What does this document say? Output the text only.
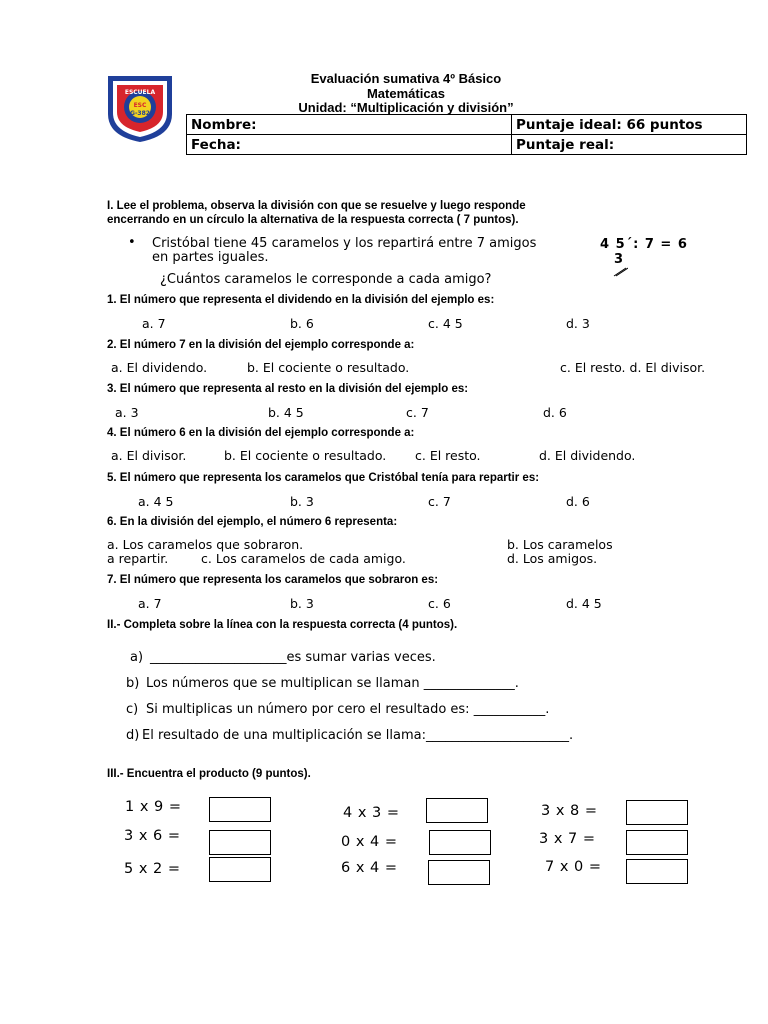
ESCUELA
ESC
G-382
Evaluación sumativa 4º Básico
Matemáticas
Unidad: “Multiplicación y división”
Nombre:	Puntaje ideal: 66 puntos
Fecha:	Puntaje real:
I. Lee el problema, observa la división con que se resuelve y luego responde
encerrando en un círculo la alternativa de la respuesta correcta ( 7 puntos).
• Cristóbal tiene 45 caramelos y los repartirá entre 7 amigos
en partes iguales.
¿Cuántos caramelos le corresponde a cada amigo?
4 5´: 7 = 6
3
1. El número que representa el dividendo en la división del ejemplo es:
a. 7	b. 6	c. 4 5	d. 3
2. El número 7 en la división del ejemplo corresponde a:
a. El dividendo.	b. El cociente o resultado.	c. El resto. d. El divisor.
3. El número que representa al resto en la división del ejemplo es:
a. 3	b. 4 5	c. 7	d. 6
4. El número 6 en la división del ejemplo corresponde a:
a. El divisor.	b. El cociente o resultado. c. El resto.	d. El dividendo.
5. El número que representa los caramelos que Cristóbal tenía para repartir es:
a. 4 5	b. 3	c. 7	d. 6
6. En la división del ejemplo, el número 6 representa:
a. Los caramelos que sobraron.	b. Los caramelos
a repartir.	c. Los caramelos de cada amigo.	d. Los amigos.
7. El número que representa los caramelos que sobraron es:
a. 7	b. 3	c. 6	d. 4 5
II.- Completa sobre la línea con la respuesta correcta (4 puntos).
a) _____________________es sumar varias veces.
b) Los números que se multiplican se llaman ______________.
c) Si multiplicas un número por cero el resultado es: ___________.
d) El resultado de una multiplicación se llama:______________________.
III.- Encuentra el producto (9 puntos).
1 x 9 =	4 x 3 =	3 x 8 =
3 x 6 =	0 x 4 =	3 x 7 =
5 x 2 =	6 x 4 =	7 x 0 =
